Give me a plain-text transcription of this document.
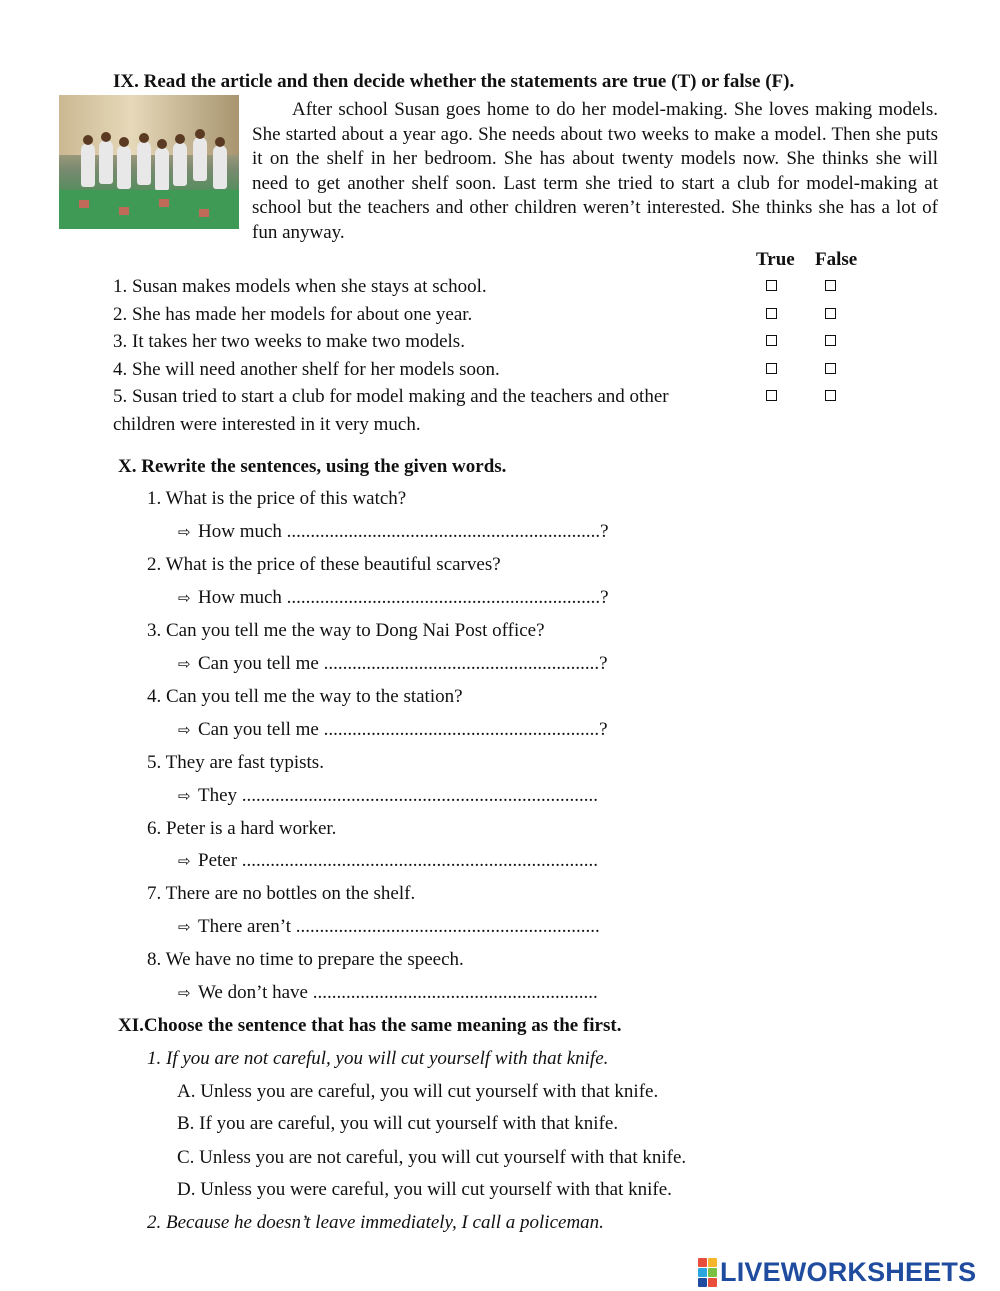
IX. Read the article and then decide whether the statements are true (T) or false (F).
After school Susan goes home to do her model-making. She loves making models. She started about a year ago. She needs about two weeks to make a model. Then she puts it on the shelf in her bedroom. She has about twenty models now. She thinks she will need to get another shelf soon. Last term she tried to start a club for model-making at school but the teachers and other children weren’t interested. She thinks she has a lot of fun anyway.
True False
1. Susan makes models when she stays at school.
2. She has made her models for about one year.
3. It takes her two weeks to make two models.
4. She will need another shelf for her models soon.
5. Susan tried to start a club for model making and the teachers and other
children were interested in it very much.
X. Rewrite the sentences, using the given words.
1. What is the price of this watch?
⇨ How much ..................................................................?
2. What is the price of these beautiful scarves?
⇨ How much ..................................................................?
3. Can you tell me the way to Dong Nai Post office?
⇨ Can you tell me ..........................................................?
4. Can you tell me the way to the station?
⇨ Can you tell me ..........................................................?
5. They are fast typists.
⇨ They ...........................................................................
6. Peter is a hard worker.
⇨ Peter ...........................................................................
7. There are no bottles on the shelf.
⇨ There aren’t ................................................................
8. We have no time to prepare the speech.
⇨ We don’t have ............................................................
XI.Choose the sentence that has the same meaning as the first.
1. If you are not careful, you will cut yourself with that knife.
A. Unless you are careful, you will cut yourself with that knife.
B. If you are careful, you will cut yourself with that knife.
C. Unless you are not careful, you will cut yourself with that knife.
D. Unless you were careful, you will cut yourself with that knife.
2. Because he doesn’t leave immediately, I call a policeman.
LIVEWORKSHEETS
